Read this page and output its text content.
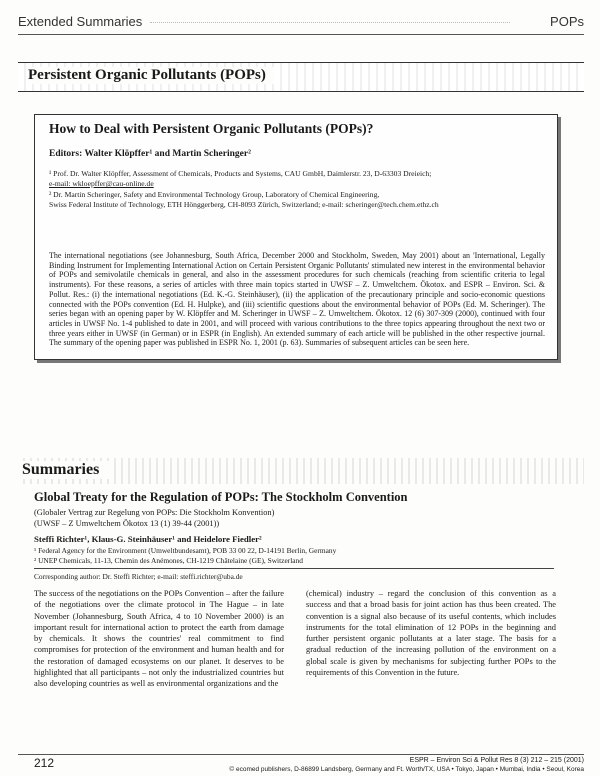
Extended Summaries	POPs
Persistent Organic Pollutants (POPs)
How to Deal with Persistent Organic Pollutants (POPs)?
Editors: Walter Klöpffer¹ and Martin Scheringer²
¹ Prof. Dr. Walter Klöpffer, Assessment of Chemicals, Products and Systems, CAU GmbH, Daimlerstr. 23, D-63303 Dreieich;
e-mail: wkloepffer@cau-online.de
² Dr. Martin Scheringer, Safety and Environmental Technology Group, Laboratory of Chemical Engineering,
Swiss Federal Institute of Technology, ETH Hönggerberg, CH-8093 Zürich, Switzerland; e-mail: scheringer@tech.chem.ethz.ch
The international negotiations (see Johannesburg, South Africa, December 2000 and Stockholm, Sweden, May 2001) about an 'International, Legally Binding Instrument for Implementing International Action on Certain Persistent Organic Pollutants' stimulated new interest in the environmental behavior of POPs and semivolatile chemicals in general, and also in the assessment procedures for such chemicals (reaching from scientific criteria to legal instruments). For these reasons, a series of articles with three main topics started in UWSF – Z. Umweltchem. Ökotox. and ESPR – Environ. Sci. & Pollut. Res.: (i) the international negotiations (Ed. K.-G. Steinhäuser), (ii) the application of the precautionary principle and socio-economic questions connected with the POPs convention (Ed. H. Hulpke), and (iii) scientific questions about the environmental behavior of POPs (Ed. M. Scheringer). The series began with an opening paper by W. Klöpffer and M. Scheringer in UWSF – Z. Umweltchem. Ökotox. 12 (6) 307-309 (2000), continued with four articles in UWSF No. 1-4 published to date in 2001, and will proceed with various contributions to the three topics appearing throughout the next two or three years either in UWSF (in German) or in ESPR (in English). An extended summary of each article will be published in the other respective journal. The summary of the opening paper was published in ESPR No. 1, 2001 (p. 63). Summaries of subsequent articles can be seen here.
Summaries
Global Treaty for the Regulation of POPs: The Stockholm Convention
(Globaler Vertrag zur Regelung von POPs: Die Stockholm Konvention)
(UWSF – Z Umweltchem Ökotox 13 (1) 39-44 (2001))
Steffi Richter¹, Klaus-G. Steinhäuser¹ and Heidelore Fiedler²
¹ Federal Agency for the Environment (Umweltbundesamt), POB 33 00 22, D-14191 Berlin, Germany
² UNEP Chemicals, 11-13, Chemin des Anémones, CH-1219 Châtelaine (GE), Switzerland
Corresponding author: Dr. Steffi Richter; e-mail: steffi.richter@uba.de
The success of the negotiations on the POPs Convention – after the failure of the negotiations over the climate protocol in The Hague – in late November (Johannesburg, South Africa, 4 to 10 November 2000) is an important result for international action to protect the earth from damage by chemicals. It shows the countries' real commitment to find compromises for protection of the environment and human health and for the restoration of damaged ecosystems on our planet. It deserves to be highlighted that all participants – not only the industrialized countries but also developing countries as well as environmental organizations and the
(chemical) industry – regard the conclusion of this convention as a success and that a broad basis for joint action has thus been created. The convention is a signal also because of its useful contents, which includes instruments for the total elimination of 12 POPs in the beginning and further persistent organic pollutants at a later stage. The basis for a gradual reduction of the increasing pollution of the environment on a global scale is given by mechanisms for subjecting further POPs to the requirements of this Convention in the future.
212	ESPR – Environ Sci & Pollut Res 8 (3) 212 – 215 (2001)
© ecomed publishers, D-86899 Landsberg, Germany and Ft. Worth/TX, USA • Tokyo, Japan • Mumbai, India • Seoul, Korea
